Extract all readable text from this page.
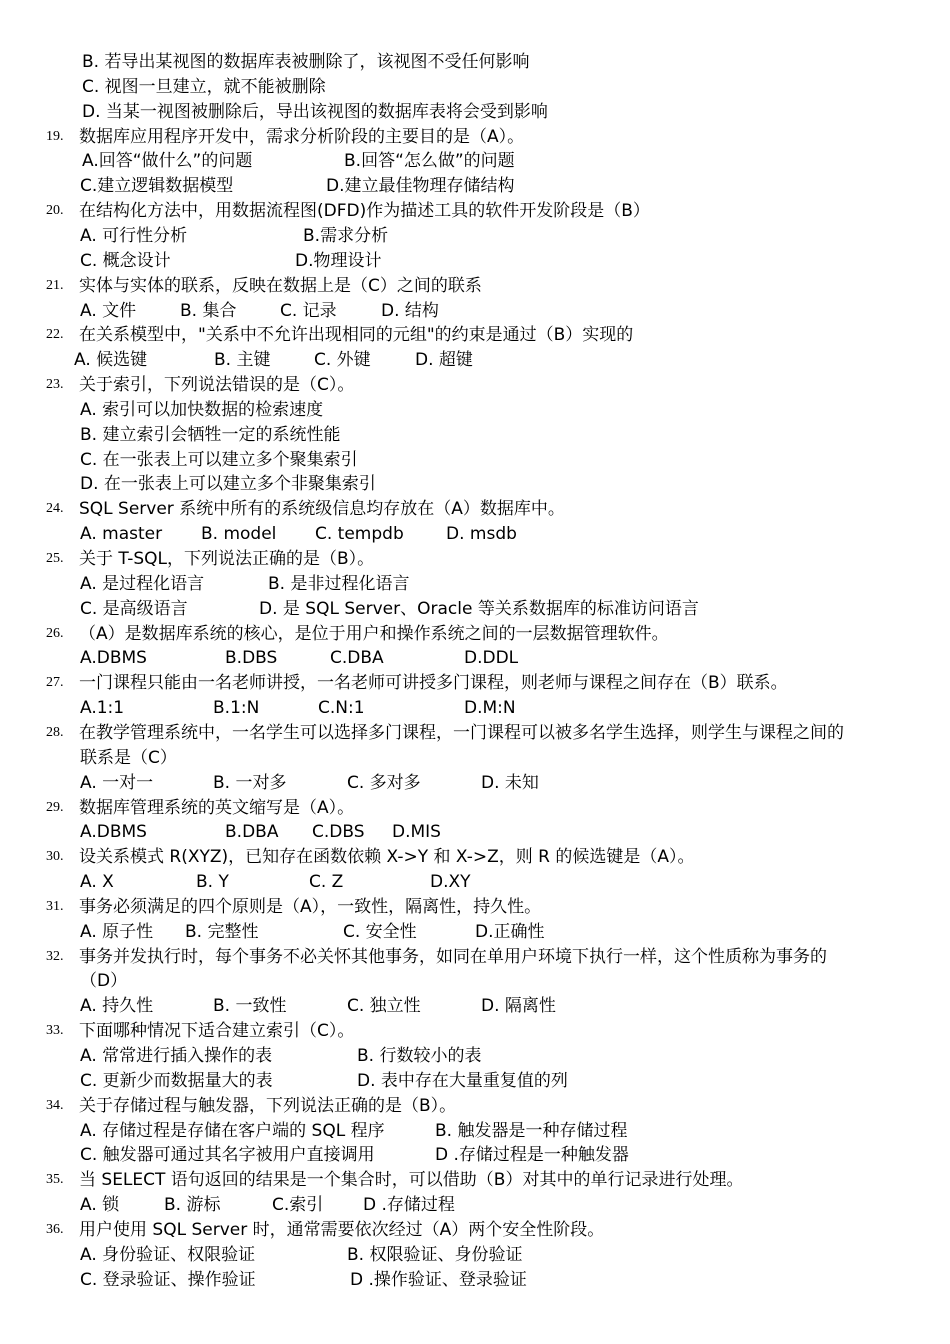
B. 若导出某视图的数据库表被删除了，该视图不受任何影响
C. 视图一旦建立，就不能被删除
D. 当某一视图被删除后，导出该视图的数据库表将会受到影响
19. 数据库应用程序开发中，需求分析阶段的主要目的是（A）。
A.回答“做什么”的问题	B.回答“怎么做”的问题
C.建立逻辑数据模型	D.建立最佳物理存储结构
20. 在结构化方法中，用数据流程图(DFD)作为描述工具的软件开发阶段是（B）
A. 可行性分析	B.需求分析
C. 概念设计	D.物理设计
21. 实体与实体的联系，反映在数据上是（C）之间的联系
A. 文件	B. 集合	C. 记录	D. 结构
22. 在关系模型中，"关系中不允许出现相同的元组"的约束是通过（B）实现的
A. 候选键	B. 主键	C. 外键	D. 超键
23. 关于索引，下列说法错误的是（C）。
A. 索引可以加快数据的检索速度
B. 建立索引会牺牲一定的系统性能
C. 在一张表上可以建立多个聚集索引
D. 在一张表上可以建立多个非聚集索引
24. SQL Server 系统中所有的系统级信息均存放在（A）数据库中。
A. master B. model C. tempdb D. msdb
25. 关于 T-SQL，下列说法正确的是（B）。
A. 是过程化语言	B. 是非过程化语言
C. 是高级语言	D. 是 SQL Server、Oracle 等关系数据库的标准访问语言
26. （A）是数据库系统的核心，是位于用户和操作系统之间的一层数据管理软件。
A.DBMS	B.DBS	C.DBA	D.DDL
27. 一门课程只能由一名老师讲授，一名老师可讲授多门课程，则老师与课程之间存在（B）联系。
A.1:1	B.1:N	C.N:1	D.M:N
28. 在教学管理系统中，一名学生可以选择多门课程，一门课程可以被多名学生选择，则学生与课程之间的
联系是（C）
A. 一对一	B. 一对多	C. 多对多	D. 未知
29. 数据库管理系统的英文缩写是（A）。
A.DBMS	B.DBA C.DBS D.MIS
30. 设关系模式 R(XYZ)，已知存在函数依赖 X->Y 和 X->Z，则 R 的候选键是（A）。
A. X	B. Y	C. Z	D.XY
31. 事务必须满足的四个原则是（A），一致性，隔离性，持久性。
A. 原子性 B. 完整性	C. 安全性	D.正确性
32. 事务并发执行时，每个事务不必关怀其他事务，如同在单用户环境下执行一样，这个性质称为事务的
（D）
A. 持久性	B. 一致性	C. 独立性	D. 隔离性
33. 下面哪种情况下适合建立索引（C）。
A. 常常进行插入操作的表	B. 行数较小的表
C. 更新少而数据量大的表	D. 表中存在大量重复值的列
34. 关于存储过程与触发器，下列说法正确的是（B）。
A. 存储过程是存储在客户端的 SQL 程序	B. 触发器是一种存储过程
C. 触发器可通过其名字被用户直接调用	D .存储过程是一种触发器
35. 当 SELECT 语句返回的结果是一个集合时，可以借助（B）对其中的单行记录进行处理。
A. 锁	B. 游标	C.索引 D .存储过程
36. 用户使用 SQL Server 时，通常需要依次经过（A）两个安全性阶段。
A. 身份验证、权限验证	B. 权限验证、身份验证
C. 登录验证、操作验证	D .操作验证、登录验证
